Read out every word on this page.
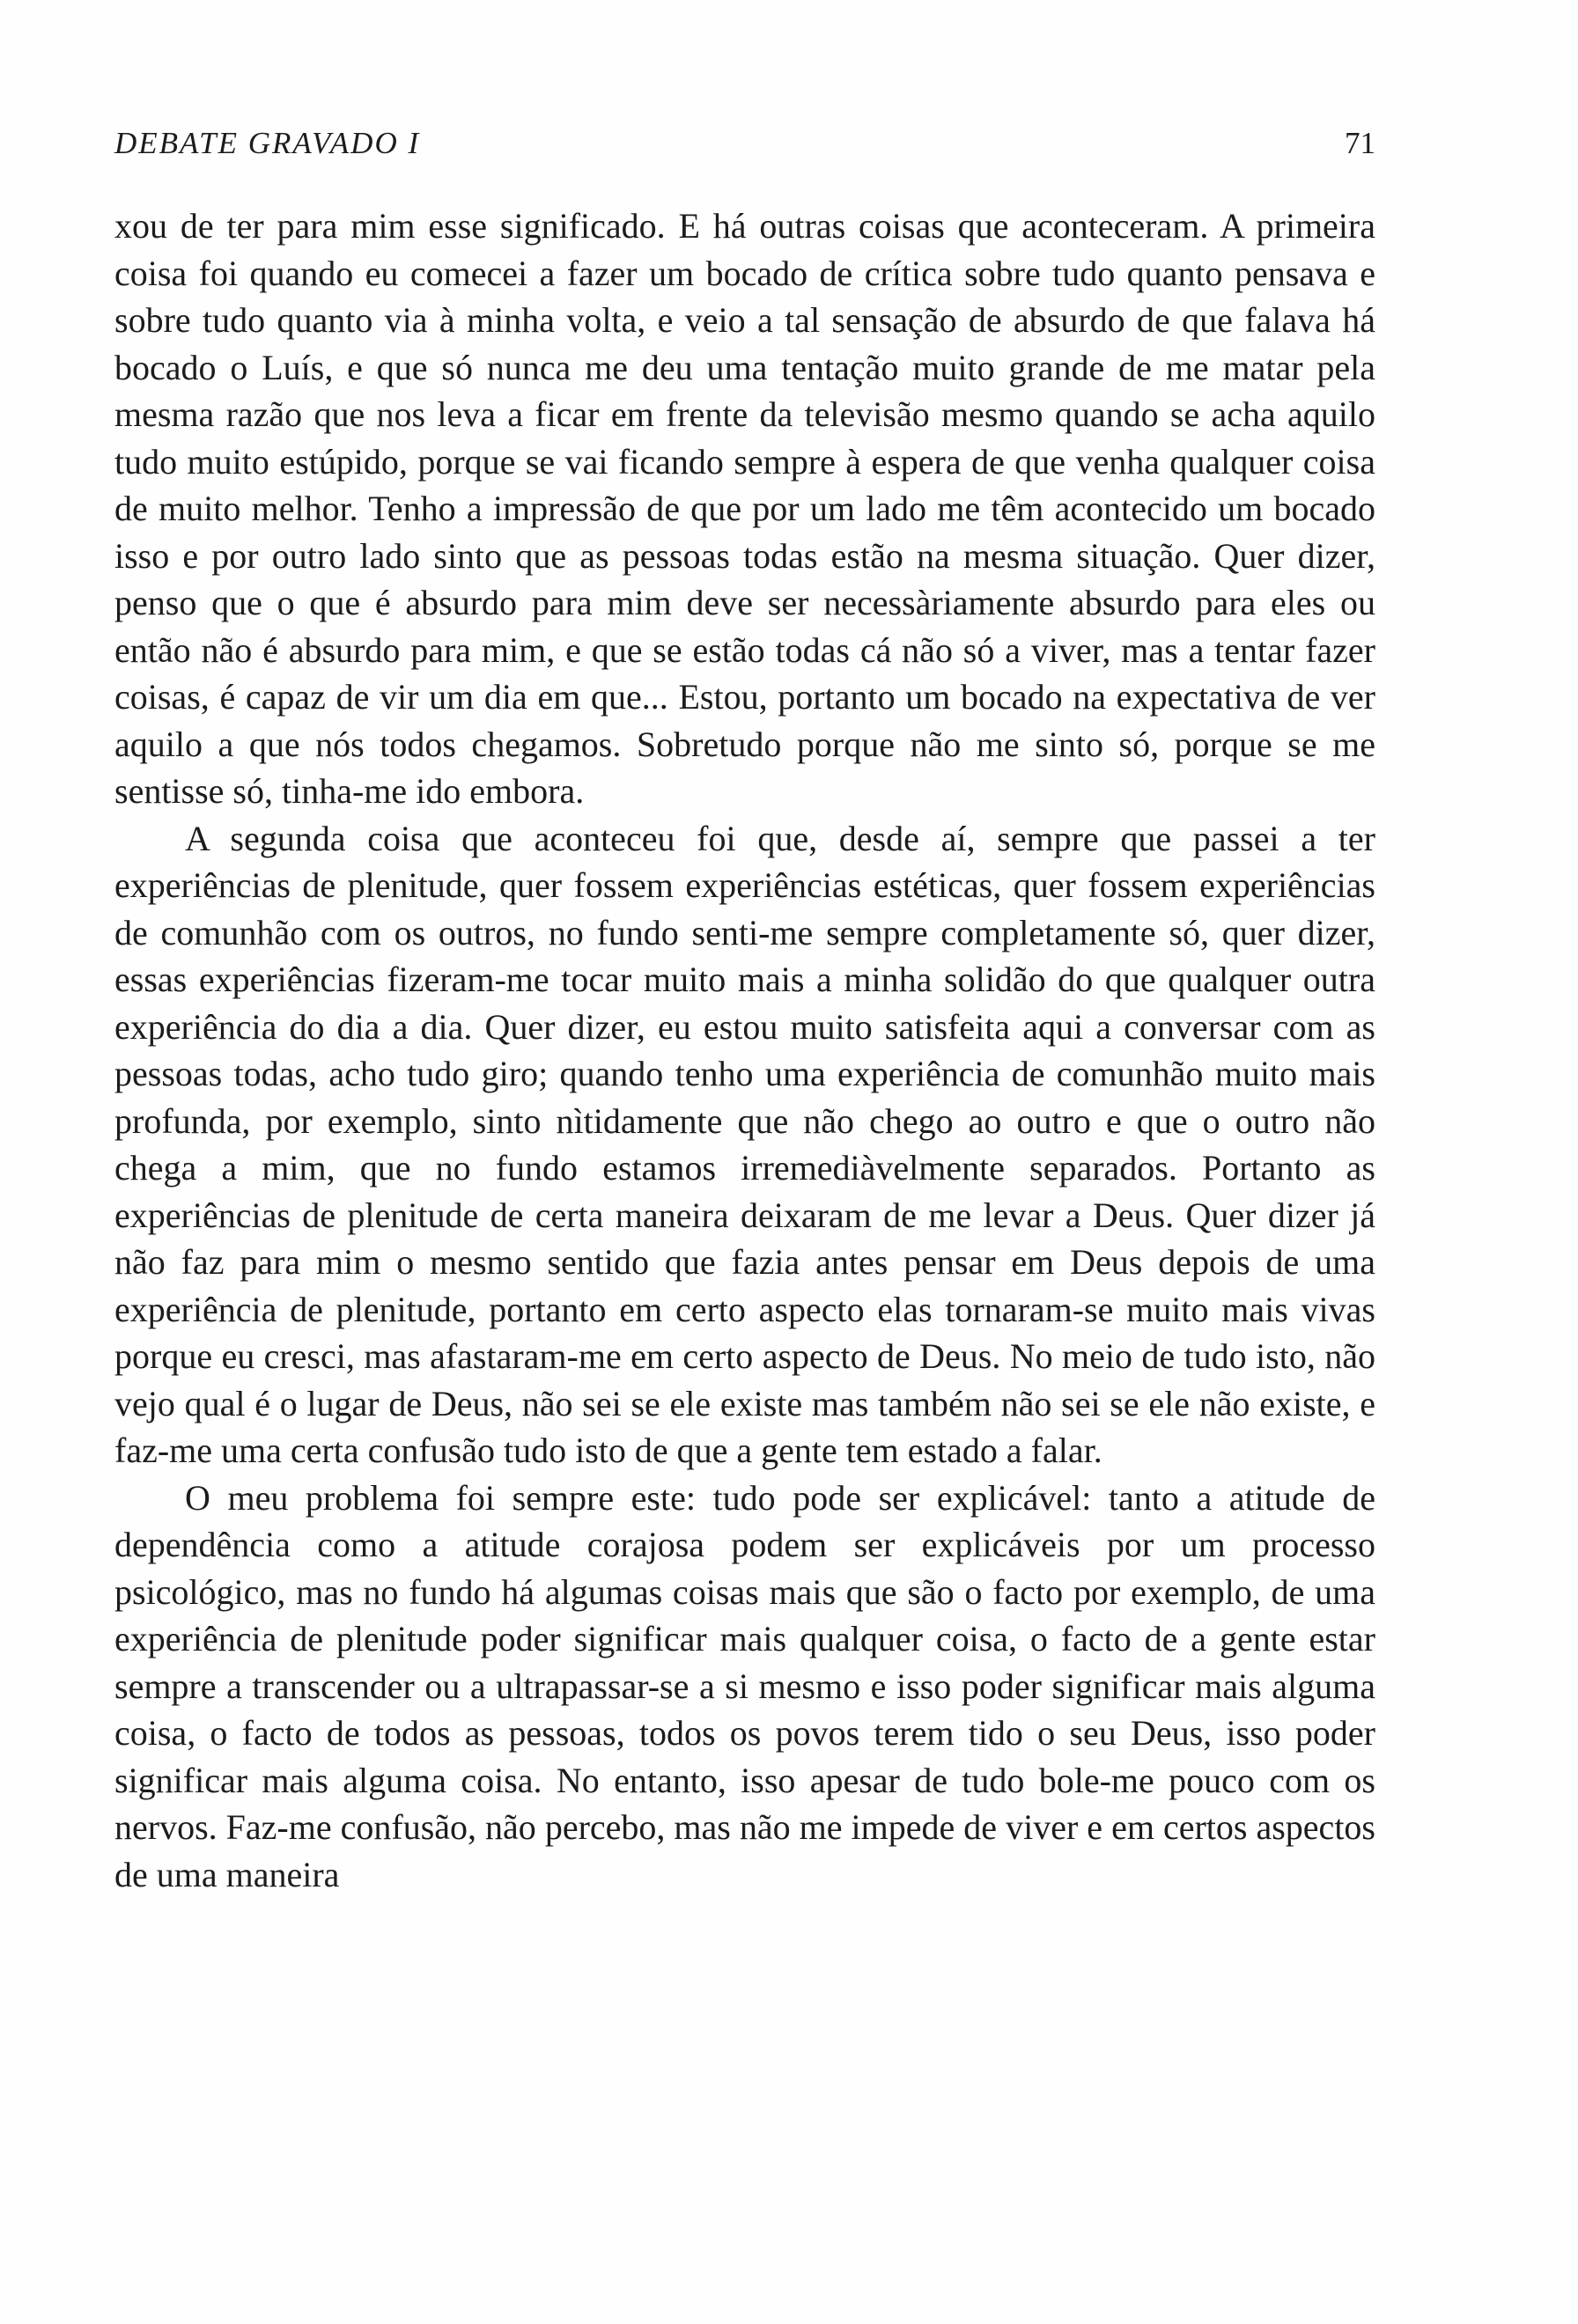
DEBATE GRAVADO I	71

xou de ter para mim esse significado. E há outras coisas que aconteceram. A primeira coisa foi quando eu comecei a fazer um bocado de crítica sobre tudo quanto pensava e sobre tudo quanto via à minha volta, e veio a tal sensação de absurdo de que falava há bocado o Luís, e que só nunca me deu uma tentação muito grande de me matar pela mesma razão que nos leva a ficar em frente da televisão mesmo quando se acha aquilo tudo muito estúpido, porque se vai ficando sempre à espera de que venha qualquer coisa de muito melhor. Tenho a impressão de que por um lado me têm acontecido um bocado isso e por outro lado sinto que as pessoas todas estão na mesma situação. Quer dizer, penso que o que é absurdo para mim deve ser necessàriamente absurdo para eles ou então não é absurdo para mim, e que se estão todas cá não só a viver, mas a tentar fazer coisas, é capaz de vir um dia em que... Estou, portanto um bocado na expectativa de ver aquilo a que nós todos chegamos. Sobretudo porque não me sinto só, porque se me sentisse só, tinha-me ido embora.

A segunda coisa que aconteceu foi que, desde aí, sempre que passei a ter experiências de plenitude, quer fossem experiências estéticas, quer fossem experiências de comunhão com os outros, no fundo senti-me sempre completamente só, quer dizer, essas experiências fizeram-me tocar muito mais a minha solidão do que qualquer outra experiência do dia a dia. Quer dizer, eu estou muito satisfeita aqui a conversar com as pessoas todas, acho tudo giro; quando tenho uma experiência de comunhão muito mais profunda, por exemplo, sinto nìtidamente que não chego ao outro e que o outro não chega a mim, que no fundo estamos irremediàvelmente separados. Portanto as experiências de plenitude de certa maneira deixaram de me levar a Deus. Quer dizer já não faz para mim o mesmo sentido que fazia antes pensar em Deus depois de uma experiência de plenitude, portanto em certo aspecto elas tornaram-se muito mais vivas porque eu cresci, mas afastaram-me em certo aspecto de Deus. No meio de tudo isto, não vejo qual é o lugar de Deus, não sei se ele existe mas também não sei se ele não existe, e faz-me uma certa confusão tudo isto de que a gente tem estado a falar.

O meu problema foi sempre este: tudo pode ser explicável: tanto a atitude de dependência como a atitude corajosa podem ser explicáveis por um processo psicológico, mas no fundo há algumas coisas mais que são o facto por exemplo, de uma experiência de plenitude poder significar mais qualquer coisa, o facto de a gente estar sempre a transcender ou a ultrapassar-se a si mesmo e isso poder significar mais alguma coisa, o facto de todos as pessoas, todos os povos terem tido o seu Deus, isso poder significar mais alguma coisa. No entanto, isso apesar de tudo bole-me pouco com os nervos. Faz-me confusão, não percebo, mas não me impede de viver e em certos aspectos de uma maneira
